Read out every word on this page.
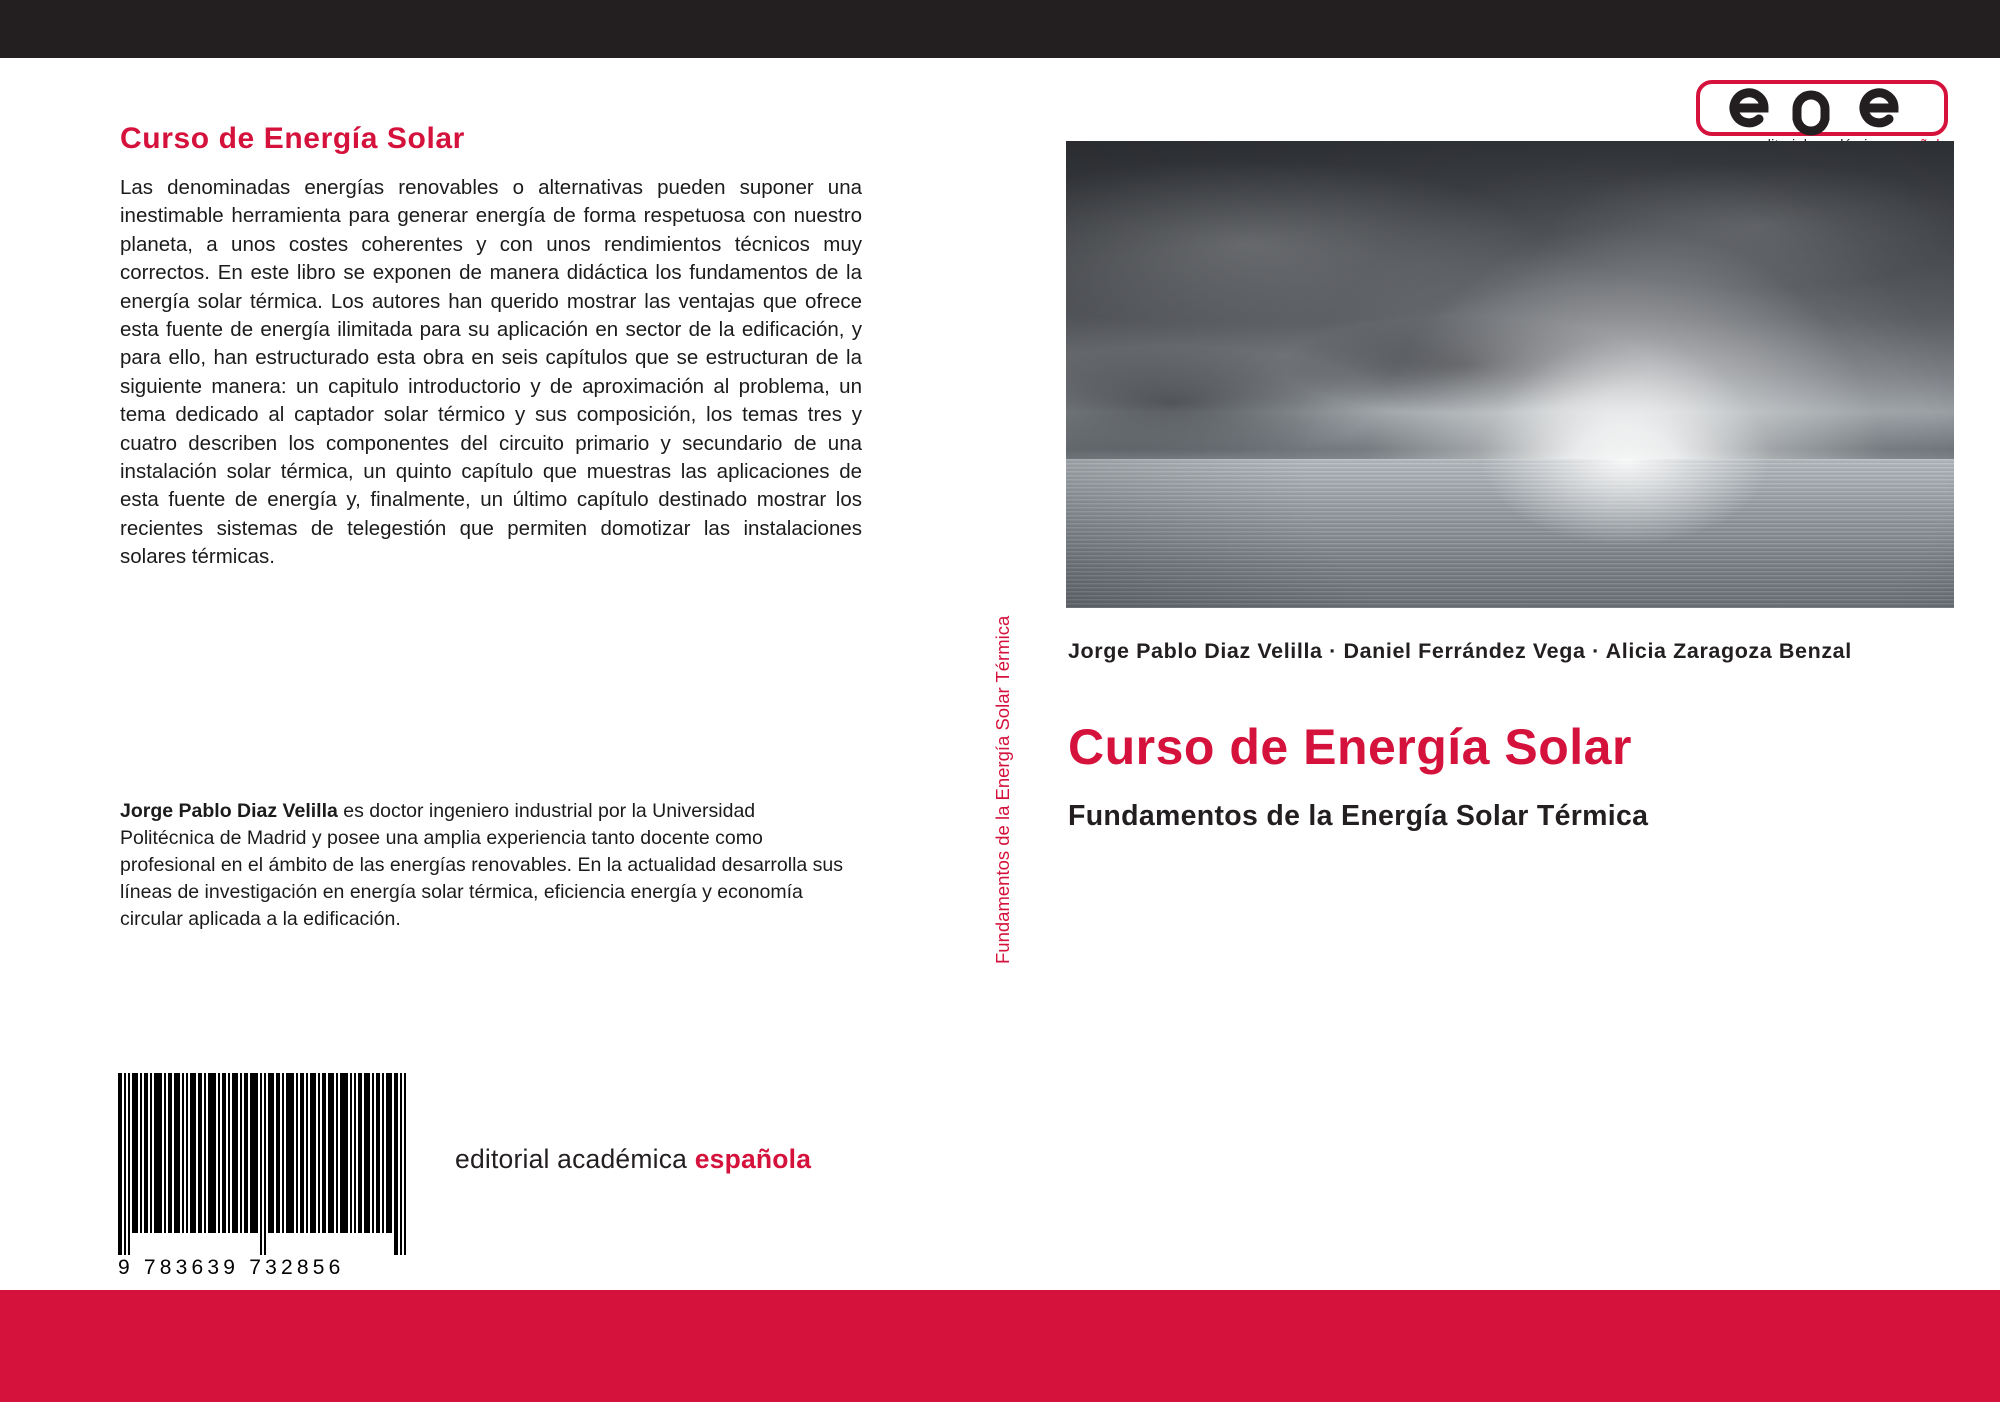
Curso de Energía Solar
Las denominadas energías renovables o alternativas pueden suponer una inestimable herramienta para generar energía de forma respetuosa con nuestro planeta, a unos costes coherentes y con unos rendimientos técnicos muy correctos. En este libro se exponen de manera didáctica los fundamentos de la energía solar térmica. Los autores han querido mostrar las ventajas que ofrece esta fuente de energía ilimitada para su aplicación en sector de la edificación, y para ello, han estructurado esta obra en seis capítulos que se estructuran de la siguiente manera: un capitulo introductorio y de aproximación al problema, un tema dedicado al captador solar térmico y sus composición, los temas tres y cuatro describen los componentes del circuito primario y secundario de una instalación solar térmica, un quinto capítulo que muestras las aplicaciones de esta fuente de energía y, finalmente, un último capítulo destinado mostrar los recientes sistemas de telegestión que permiten domotizar las instalaciones solares térmicas.
Jorge Pablo Diaz Velilla es doctor ingeniero industrial por la Universidad Politécnica de Madrid y posee una amplia experiencia tanto docente como profesional en el ámbito de las energías renovables. En la actualidad desarrolla sus líneas de investigación en energía solar térmica, eficiencia energía y economía circular aplicada a la edificación.
9 783639 732856
editorial académica española
Fundamentos de la Energía Solar Térmica	Jorge Pablo Diaz Velilla · Daniel Ferrández Vega · Alicia Zaragoza Benzal
Curso de Energía Solar
Fundamentos de la Energía Solar Térmica
